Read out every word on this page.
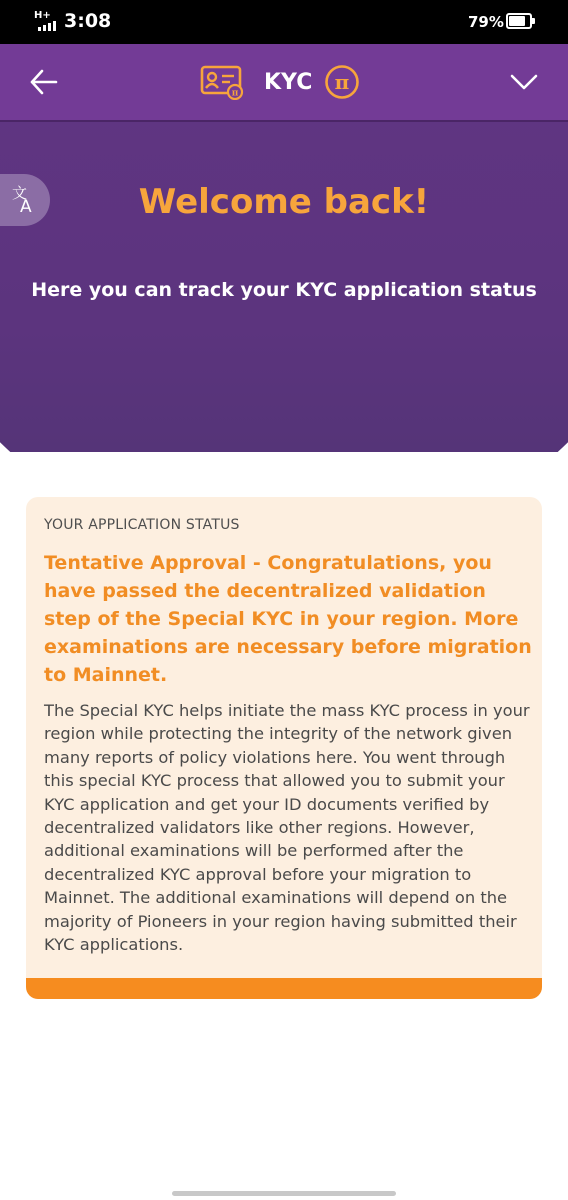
H+ 3:08	79%
π KYC π
文
A	Welcome back!
Here you can track your KYC application status
YOUR APPLICATION STATUS
Tentative Approval - Congratulations, you have passed the decentralized validation step of the Special KYC in your region. More examinations are necessary before migration to Mainnet.
The Special KYC helps initiate the mass KYC process in your region while protecting the integrity of the network given many reports of policy violations here. You went through this special KYC process that allowed you to submit your KYC application and get your ID documents verified by decentralized validators like other regions. However, additional examinations will be performed after the decentralized KYC approval before your migration to Mainnet. The additional examinations will depend on the majority of Pioneers in your region having submitted their KYC applications.
